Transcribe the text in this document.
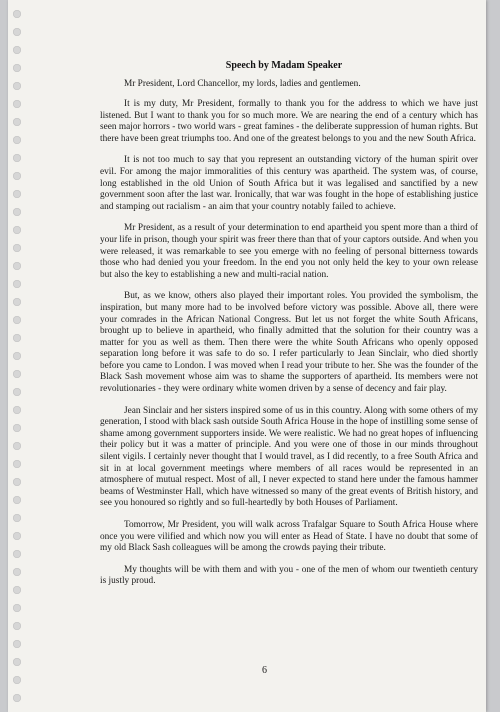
Speech by Madam Speaker
Mr President, Lord Chancellor, my lords, ladies and gentlemen.

It is my duty, Mr President, formally to thank you for the address to which we have just listened. But I want to thank you for so much more. We are nearing the end of a century which has seen major horrors - two world wars - great famines - the deliberate suppression of human rights. But there have been great triumphs too. And one of the greatest belongs to you and the new South Africa.

It is not too much to say that you represent an outstanding victory of the human spirit over evil. For among the major immoralities of this century was apartheid. The system was, of course, long established in the old Union of South Africa but it was legalised and sanctified by a new government soon after the last war. Ironically, that war was fought in the hope of establishing justice and stamping out racialism - an aim that your country notably failed to achieve.

Mr President, as a result of your determination to end apartheid you spent more than a third of your life in prison, though your spirit was freer there than that of your captors outside. And when you were released, it was remarkable to see you emerge with no feeling of personal bitterness towards those who had denied you your freedom. In the end you not only held the key to your own release but also the key to establishing a new and multi-racial nation.

But, as we know, others also played their important roles. You provided the symbolism, the inspiration, but many more had to be involved before victory was possible. Above all, there were your comrades in the African National Congress. But let us not forget the white South Africans, brought up to believe in apartheid, who finally admitted that the solution for their country was a matter for you as well as them. Then there were the white South Africans who openly opposed separation long before it was safe to do so. I refer particularly to Jean Sinclair, who died shortly before you came to London. I was moved when I read your tribute to her. She was the founder of the Black Sash movement whose aim was to shame the supporters of apartheid. Its members were not revolutionaries - they were ordinary white women driven by a sense of decency and fair play.

Jean Sinclair and her sisters inspired some of us in this country. Along with some others of my generation, I stood with black sash outside South Africa House in the hope of instilling some sense of shame among government supporters inside. We were realistic. We had no great hopes of influencing their policy but it was a matter of principle. And you were one of those in our minds throughout silent vigils. I certainly never thought that I would travel, as I did recently, to a free South Africa and sit in at local government meetings where members of all races would be represented in an atmosphere of mutual respect. Most of all, I never expected to stand here under the famous hammer beams of Westminster Hall, which have witnessed so many of the great events of British history, and see you honoured so rightly and so full-heartedly by both Houses of Parliament.

Tomorrow, Mr President, you will walk across Trafalgar Square to South Africa House where once you were vilified and which now you will enter as Head of State. I have no doubt that some of my old Black Sash colleagues will be among the crowds paying their tribute.

My thoughts will be with them and with you - one of the men of whom our twentieth century is justly proud.

6
